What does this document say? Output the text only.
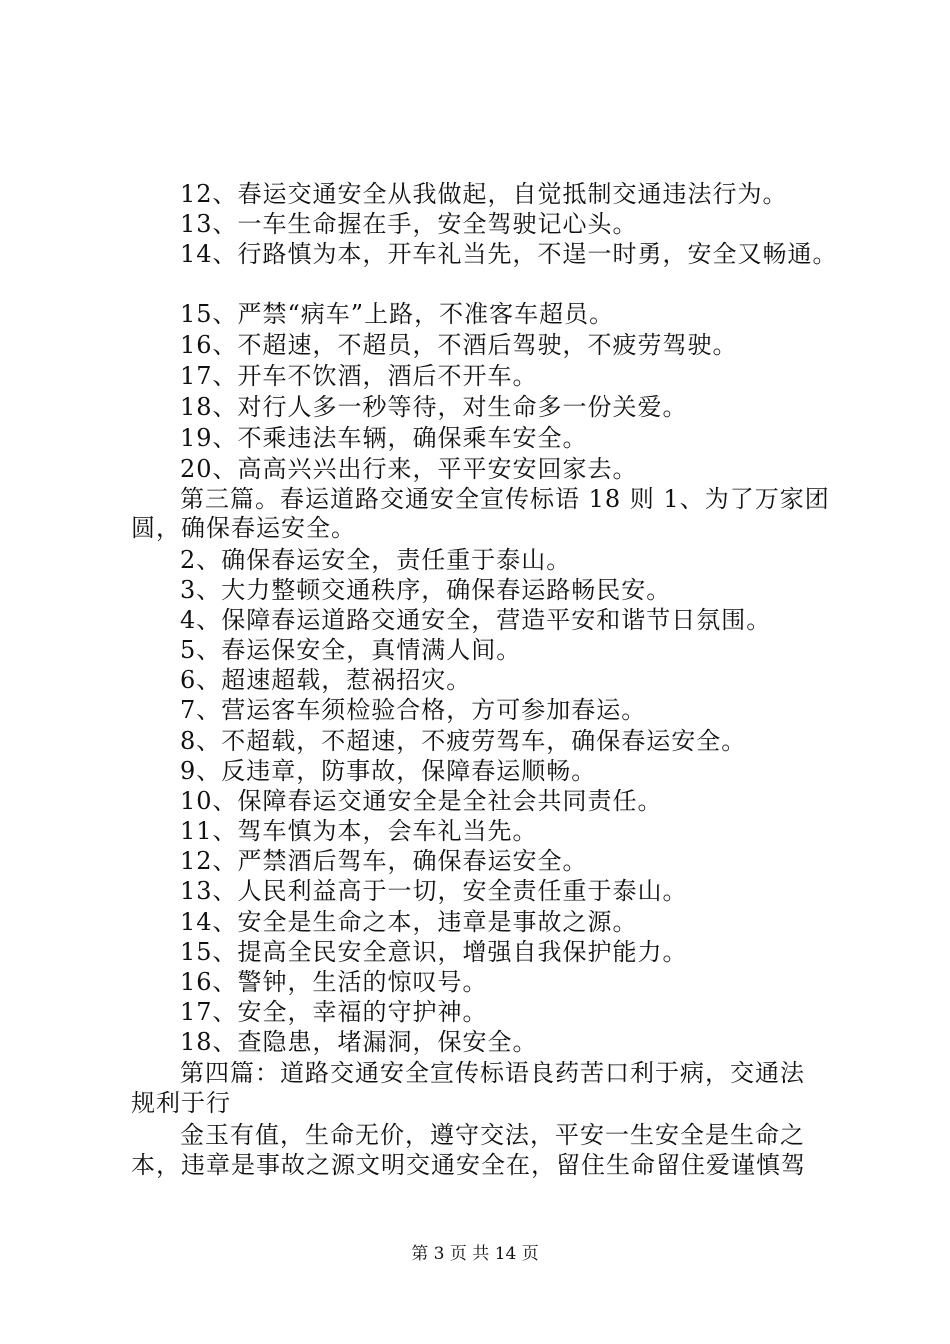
12、春运交通安全从我做起，自觉抵制交通违法行为。
13、一车生命握在手，安全驾驶记心头。
14、行路慎为本，开车礼当先，不逞一时勇，安全又畅通。
15、严禁“病车”上路，不准客车超员。
16、不超速，不超员，不酒后驾驶，不疲劳驾驶。
17、开车不饮酒，酒后不开车。
18、对行人多一秒等待，对生命多一份关爱。
19、不乘违法车辆，确保乘车安全。
20、高高兴兴出行来，平平安安回家去。
第三篇。春运道路交通安全宣传标语 18 则 1、为了万家团
圆，确保春运安全。
2、确保春运安全，责任重于泰山。
3、大力整顿交通秩序，确保春运路畅民安。
4、保障春运道路交通安全，营造平安和谐节日氛围。
5、春运保安全，真情满人间。
6、超速超载，惹祸招灾。
7、营运客车须检验合格，方可参加春运。
8、不超载，不超速，不疲劳驾车，确保春运安全。
9、反违章，防事故，保障春运顺畅。
10、保障春运交通安全是全社会共同责任。
11、驾车慎为本，会车礼当先。
12、严禁酒后驾车，确保春运安全。
13、人民利益高于一切，安全责任重于泰山。
14、安全是生命之本，违章是事故之源。
15、提高全民安全意识，增强自我保护能力。
16、警钟，生活的惊叹号。
17、安全，幸福的守护神。
18、查隐患，堵漏洞，保安全。
第四篇：道路交通安全宣传标语良药苦口利于病，交通法
规利于行
金玉有值，生命无价，遵守交法，平安一生安全是生命之
本，违章是事故之源文明交通安全在，留住生命留住爱谨慎驾
第 3 页 共 14 页
